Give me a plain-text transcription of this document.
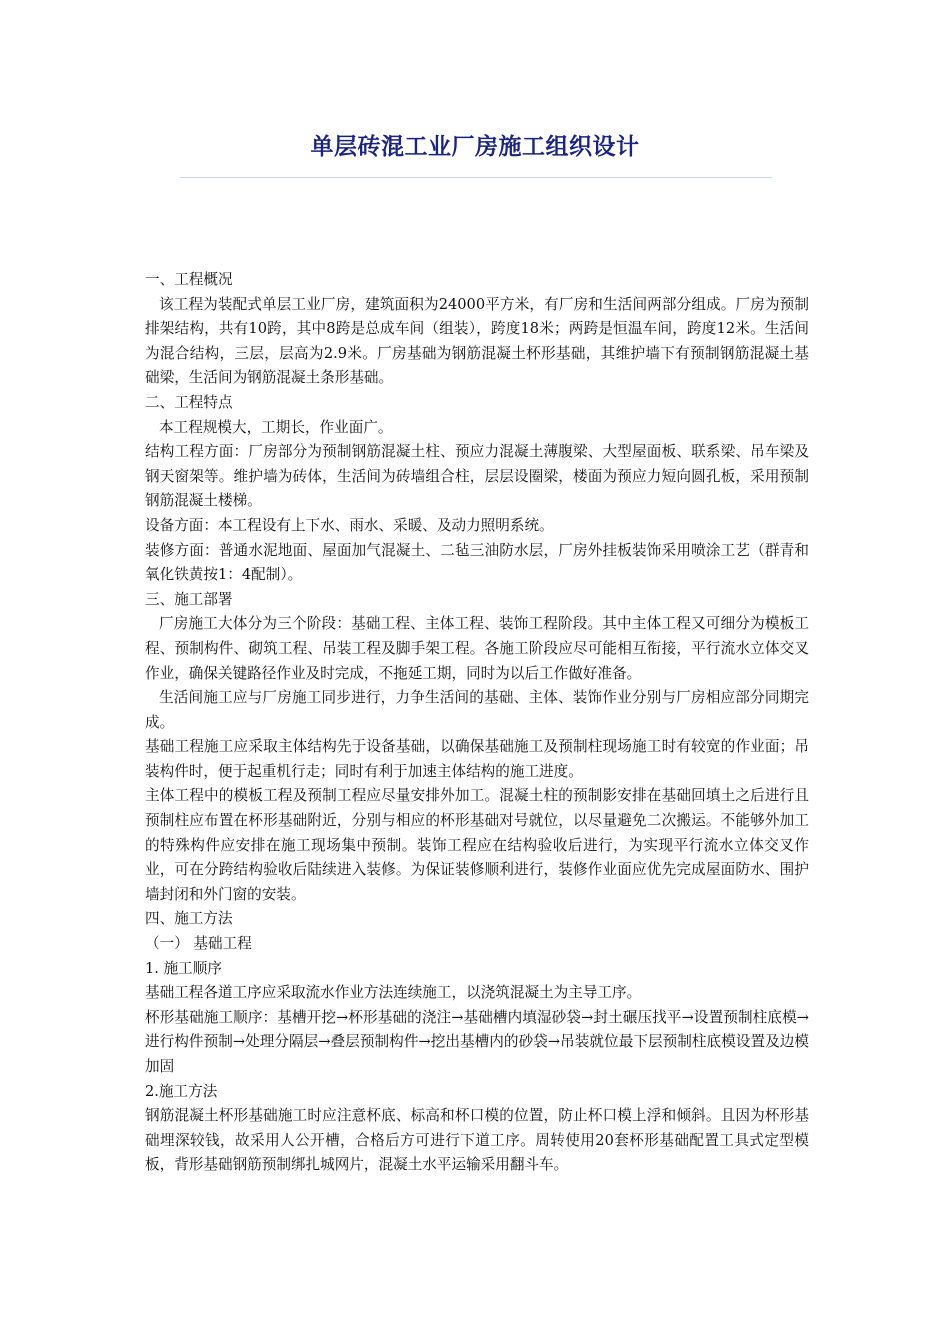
单层砖混工业厂房施工组织设计

一、工程概况

该工程为装配式单层工业厂房，建筑面积为24000平方米，有厂房和生活间两部分组成。厂房为预制排架结构，共有10跨，其中8跨是总成车间（组装），跨度18米；两跨是恒温车间，跨度12米。生活间为混合结构，三层，层高为2.9米。厂房基础为钢筋混凝土杯形基础，其维护墙下有预制钢筋混凝土基础梁，生活间为钢筋混凝土条形基础。

二、工程特点

本工程规模大，工期长，作业面广。

结构工程方面：厂房部分为预制钢筋混凝土柱、预应力混凝土薄腹梁、大型屋面板、联系梁、吊车梁及钢天窗架等。维护墙为砖体，生活间为砖墙组合柱，层层设圈梁，楼面为预应力短向圆孔板，采用预制钢筋混凝土楼梯。

设备方面：本工程设有上下水、雨水、采暖、及动力照明系统。

装修方面：普通水泥地面、屋面加气混凝土、二毡三油防水层，厂房外挂板装饰采用喷涂工艺（群青和氧化铁黄按1：4配制）。

三、施工部署

厂房施工大体分为三个阶段：基础工程、主体工程、装饰工程阶段。其中主体工程又可细分为模板工程、预制构件、砌筑工程、吊装工程及脚手架工程。各施工阶段应尽可能相互衔接，平行流水立体交叉作业，确保关键路径作业及时完成，不拖延工期，同时为以后工作做好准备。

生活间施工应与厂房施工同步进行，力争生活间的基础、主体、装饰作业分别与厂房相应部分同期完成。

基础工程施工应采取主体结构先于设备基础，以确保基础施工及预制柱现场施工时有较宽的作业面；吊装构件时，便于起重机行走；同时有利于加速主体结构的施工进度。

主体工程中的模板工程及预制工程应尽量安排外加工。混凝土柱的预制影安排在基础回填土之后进行且预制柱应布置在杯形基础附近，分别与相应的杯形基础对号就位，以尽量避免二次搬运。不能够外加工的特殊构件应安排在施工现场集中预制。装饰工程应在结构验收后进行，为实现平行流水立体交叉作业，可在分跨结构验收后陆续进入装修。为保证装修顺利进行，装修作业面应优先完成屋面防水、围护墙封闭和外门窗的安装。

四、施工方法

（一） 基础工程

1. 施工顺序

基础工程各道工序应采取流水作业方法连续施工，以浇筑混凝土为主导工序。

杯形基础施工顺序：基槽开挖→杯形基础的浇注→基础槽内填湿砂袋→封土碾压找平→设置预制柱底模→进行构件预制→处理分隔层→叠层预制构件→挖出基槽内的砂袋→吊装就位最下层预制柱底模设置及边模加固

2.施工方法

钢筋混凝土杯形基础施工时应注意杯底、标高和杯口模的位置，防止杯口模上浮和倾斜。且因为杯形基础埋深较钱，故采用人公开槽，合格后方可进行下道工序。周转使用20套杯形基础配置工具式定型模板，背形基础钢筋预制绑扎城网片，混凝土水平运输采用翻斗车。
